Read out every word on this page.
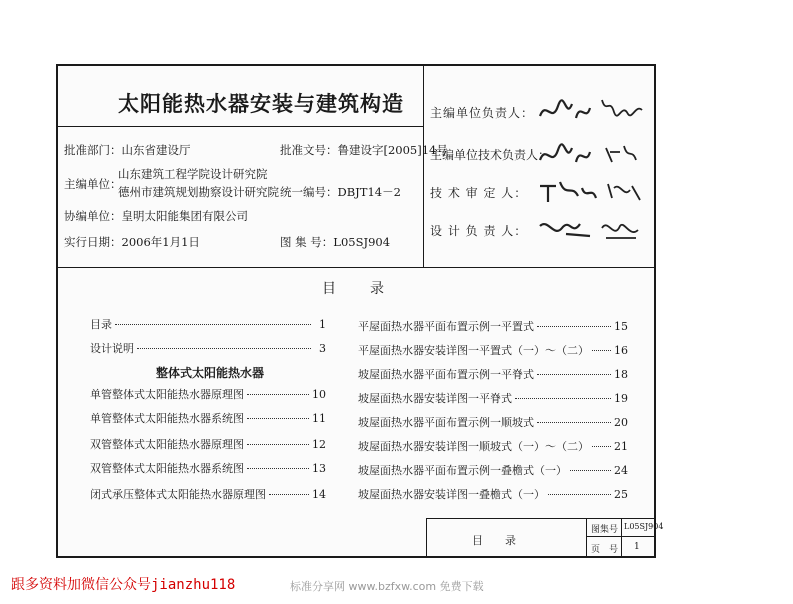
太阳能热水器安装与建筑构造
批准部门：山东省建设厅	批准文号：鲁建设字[2005]14号
主编单位：
山东建筑工程学院设计研究院
德州市建筑规划勘察设计研究院 统一编号：DBJT14－2
协编单位：皇明太阳能集团有限公司
实行日期：2006年1月1日	图 集 号：L05SJ904
主编单位负责人：
主编单位技术负责人：
技 术 审 定 人：
设 计 负 责 人：
目　　录
目录	1
设计说明	3
整体式太阳能热水器
单管整体式太阳能热水器原理图	10
单管整体式太阳能热水器系统图	11
双管整体式太阳能热水器原理图	12
双管整体式太阳能热水器系统图	13
闭式承压整体式太阳能热水器原理图	14
平屋面热水器平面布置示例一平置式	15
平屋面热水器安装详图一平置式（一）～（二） 16
坡屋面热水器平面布置示例一平脊式	18
坡屋面热水器安装详图一平脊式	19
坡屋面热水器平面布置示例一顺坡式	20
坡屋面热水器安装详图一顺坡式（一）～（二） 21
坡屋面热水器平面布置示例一叠檐式（一）	24
坡屋面热水器安装详图一叠檐式（一）	25
目　　录
图集号 L05SJ904
页　号 1
跟多资料加微信公众号jianzhu118	标准分享网 www.bzfxw.com 免费下载
